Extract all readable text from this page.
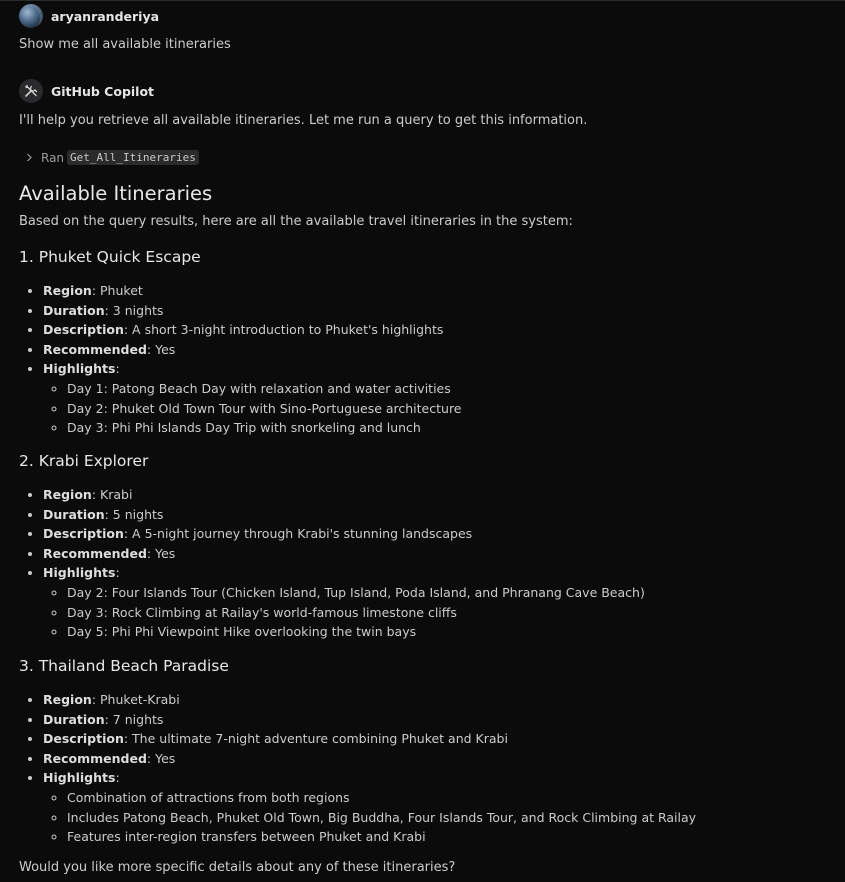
aryanranderiya
Show me all available itineraries
GitHub Copilot
I'll help you retrieve all available itineraries. Let me run a query to get this information.
Ran Get_All_Itineraries
Available Itineraries
Based on the query results, here are all the available travel itineraries in the system:
1. Phuket Quick Escape
• Region: Phuket
• Duration: 3 nights
• Description: A short 3-night introduction to Phuket's highlights
• Recommended: Yes
• Highlights:
◦ Day 1: Patong Beach Day with relaxation and water activities
◦ Day 2: Phuket Old Town Tour with Sino-Portuguese architecture
◦ Day 3: Phi Phi Islands Day Trip with snorkeling and lunch
2. Krabi Explorer
• Region: Krabi
• Duration: 5 nights
• Description: A 5-night journey through Krabi's stunning landscapes
• Recommended: Yes
• Highlights:
◦ Day 2: Four Islands Tour (Chicken Island, Tup Island, Poda Island, and Phranang Cave Beach)
◦ Day 3: Rock Climbing at Railay's world-famous limestone cliffs
◦ Day 5: Phi Phi Viewpoint Hike overlooking the twin bays
3. Thailand Beach Paradise
• Region: Phuket-Krabi
• Duration: 7 nights
• Description: The ultimate 7-night adventure combining Phuket and Krabi
• Recommended: Yes
• Highlights:
◦ Combination of attractions from both regions
◦ Includes Patong Beach, Phuket Old Town, Big Buddha, Four Islands Tour, and Rock Climbing at Railay
◦ Features inter-region transfers between Phuket and Krabi
Would you like more specific details about any of these itineraries?
